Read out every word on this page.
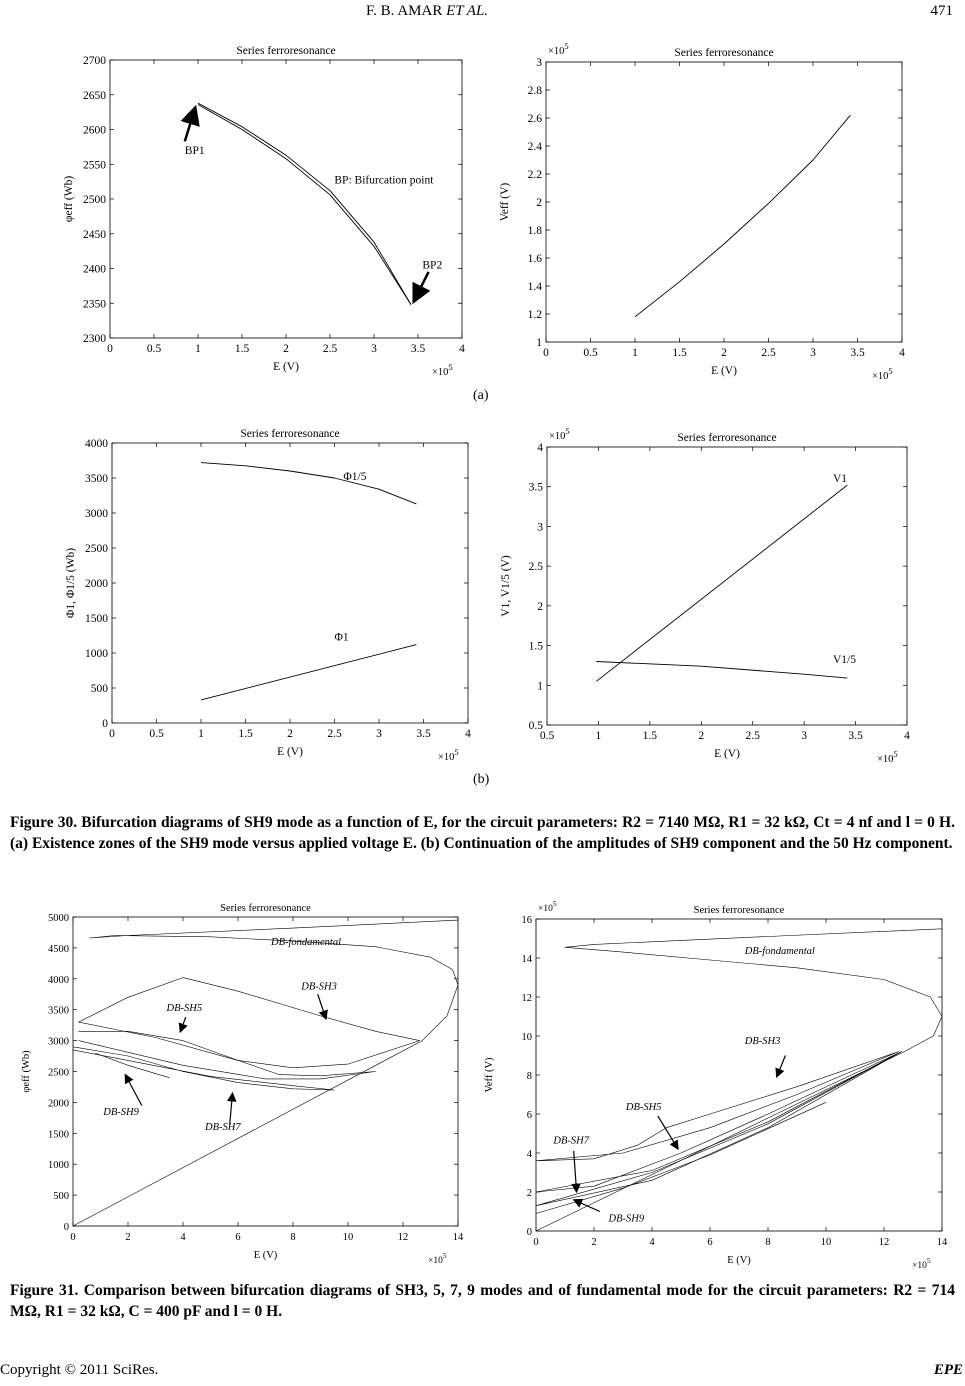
F. B. AMAR ET AL.	471
Series ferroresonance
0	0.5	1	1.5	2	2.5	3	3.5	4
2300
2350
2400
2450
2500
2550
2600
2650
2700
E (V)
φeff (Wb)
$\times 10^5$
BP1
BP2
BP: Bifurcation point
Series ferroresonance
0	0.5	1	1.5	2	2.5	3	3.5	4
1
1.2
1.4
1.6
1.8
2
2.2
2.4
2.6
2.8
3
E (V)
Veff (V)
$\times 10^5$
$\times 10^5$
Series ferroresonance
0	0.5	1	1.5	2	2.5	3	3.5	4
0
500
1000
1500
2000
2500
3000
3500
4000
E (V)
Φ1, Φ1/5 (Wb)
$\times 10^5$
Φ1/5
Φ1
Series ferroresonance
0.5	1	1.5	2	2.5	3	3.5	4
0.5
1
1.5
2
2.5
3
3.5
4
E (V)
V1, V1/5 (V)
$\times 10^5$
$\times 10^5$
V1
V1/5
Series ferroresonance
0	2	4	6	8	10	12	14
0
500
1000
1500
2000
2500
3000
3500
4000
4500
5000
E (V)
φeff (Wb)
$\times 10^5$
DB-fondamental
DB-SH3
DB-SH5
DB-SH9
DB-SH7
Series ferroresonance
0	2	4	6	8	10	12	14
0
2
4
6
8
10
12
14
16
E (V)
Veff (V)
$\times 10^5$
$\times 10^5$
DB-fondamental
DB-SH3
DB-SH5
DB-SH7
DB-SH9
(a)
(b)
Figure 30. Bifurcation diagrams of SH9 mode as a function of E, for the circuit parameters: R2 = 7140 MΩ, R1 = 32 kΩ, Ct = 4 nf and l = 0 H. (a) Existence zones of the SH9 mode versus applied voltage E. (b) Continuation of the amplitudes of SH9 component and the 50 Hz component.
Figure 31. Comparison between bifurcation diagrams of SH3, 5, 7, 9 modes and of fundamental mode for the circuit parameters: R2 = 714 MΩ, R1 = 32 kΩ, C = 400 pF and l = 0 H.
Copyright © 2011 SciRes.	EPE
